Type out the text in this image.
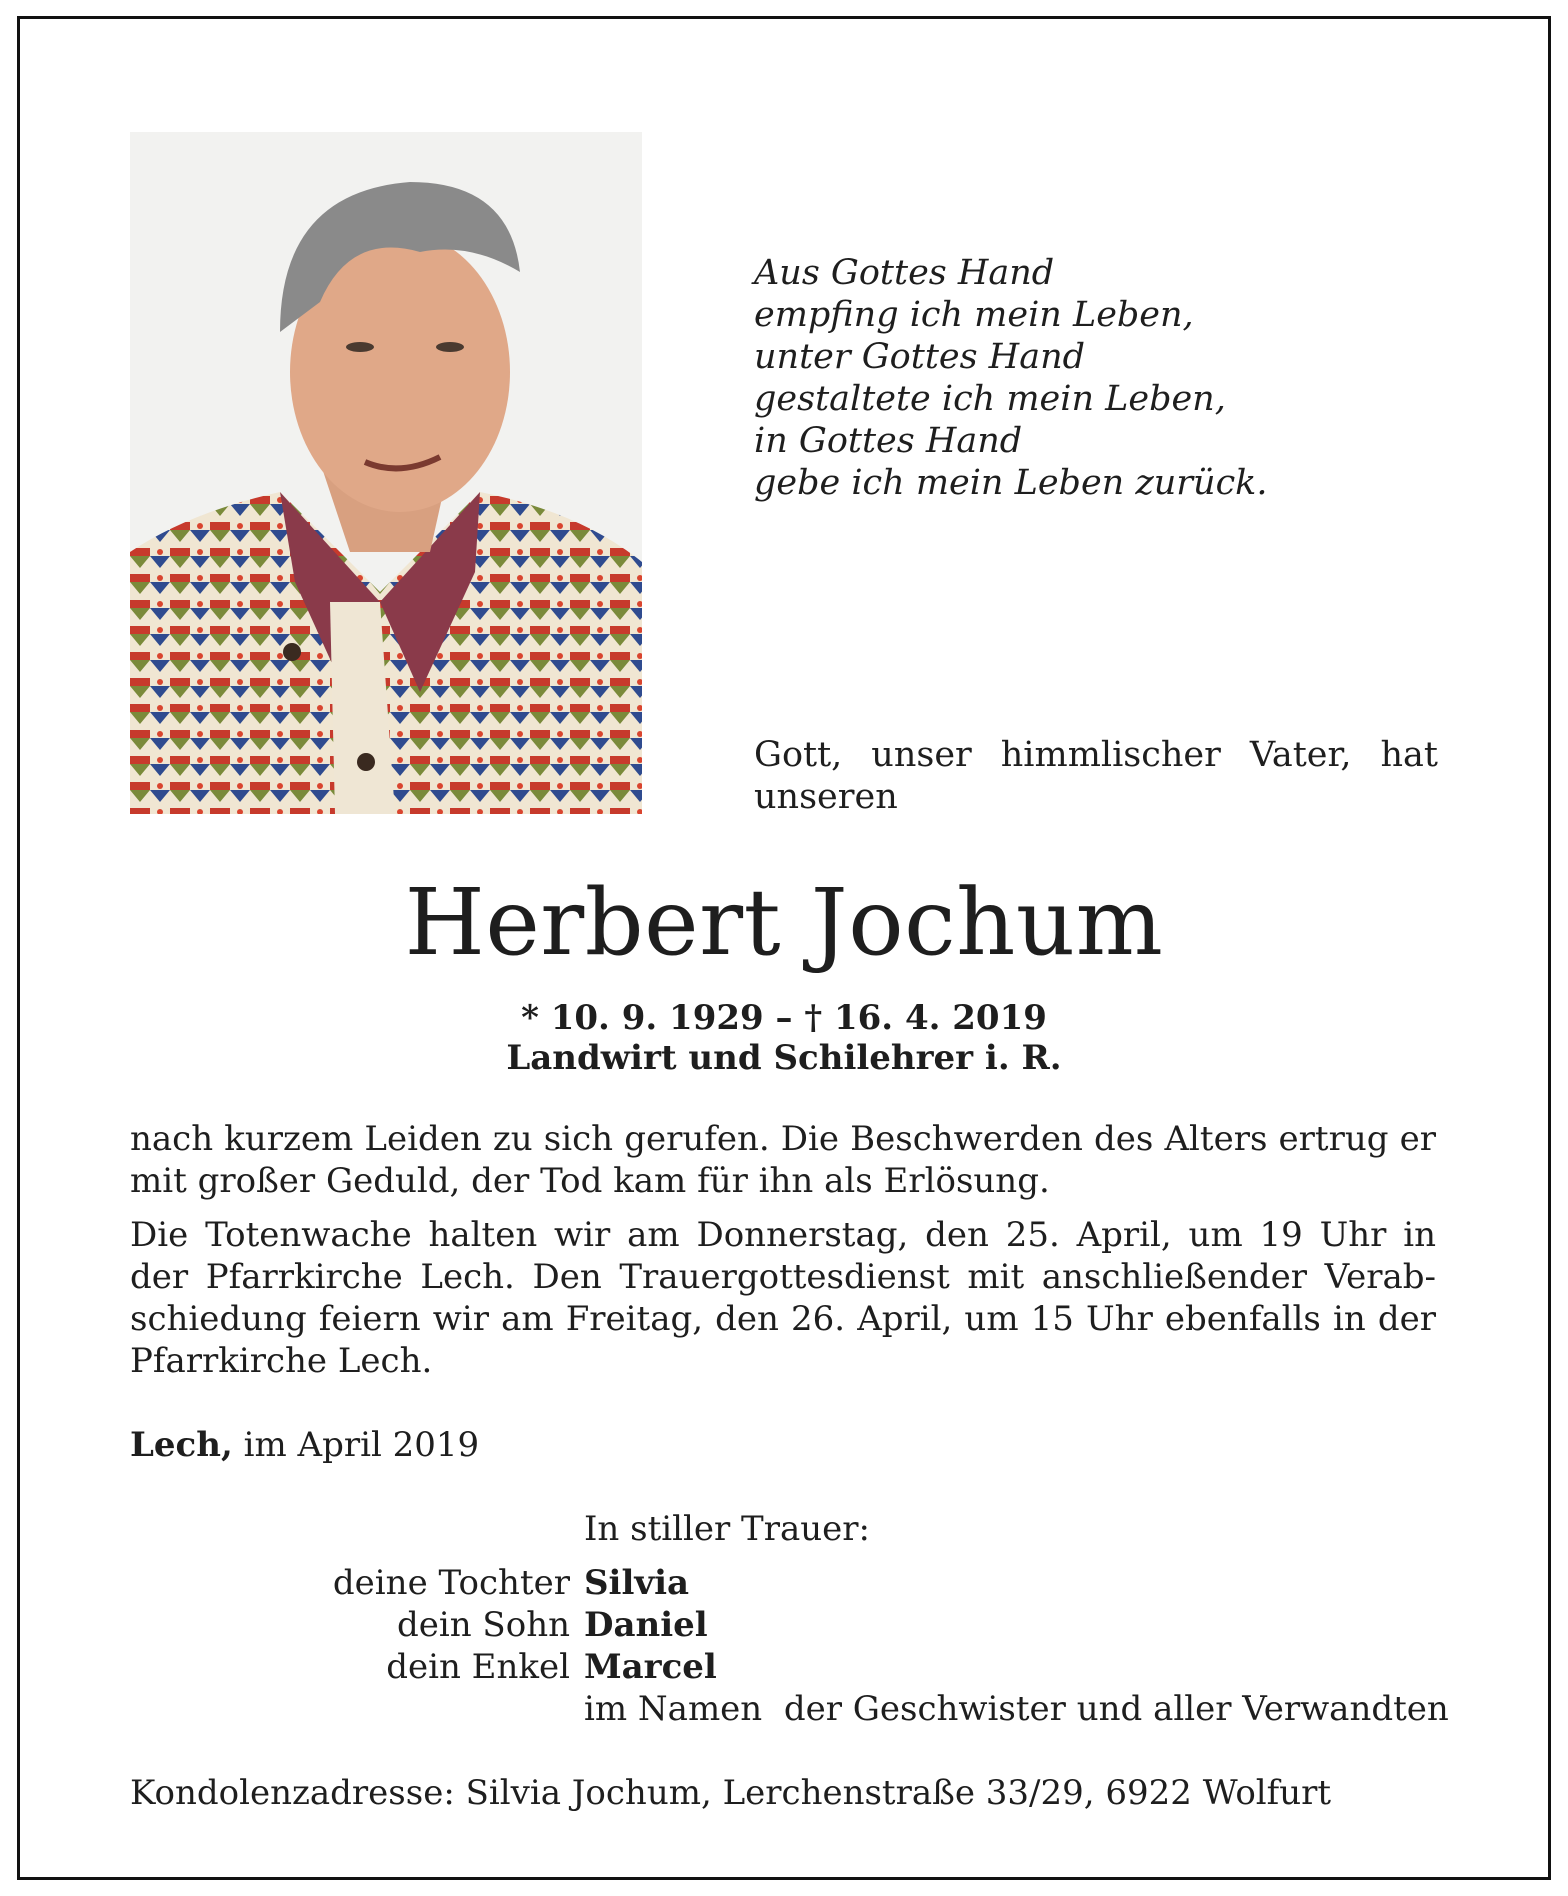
Aus Gottes Hand
empfing ich mein Leben,
unter Gottes Hand
gestaltete ich mein Leben,
in Gottes Hand
gebe ich mein Leben zurück.
Gott, unser himmlischer Vater, hat
unseren
Herbert Jochum
* 10. 9. 1929 – † 16. 4. 2019
Landwirt und Schilehrer i. R.
nach kurzem Leiden zu sich gerufen. Die Beschwerden des Alters ertrug er
mit großer Geduld, der Tod kam für ihn als Erlösung.
Die Totenwache halten wir am Donnerstag, den 25. April, um 19 Uhr in
der Pfarrkirche Lech. Den Trauergottesdienst mit anschließender Verab-
schiedung feiern wir am Freitag, den 26. April, um 15 Uhr ebenfalls in der
Pfarrkirche Lech.
Lech, im April 2019
In stiller Trauer:
deine Tochter Silvia
dein Sohn Daniel
dein Enkel Marcel
im Namen  der Geschwister und aller Verwandten
Kondolenzadresse: Silvia Jochum, Lerchenstraße 33/29, 6922 Wolfurt
